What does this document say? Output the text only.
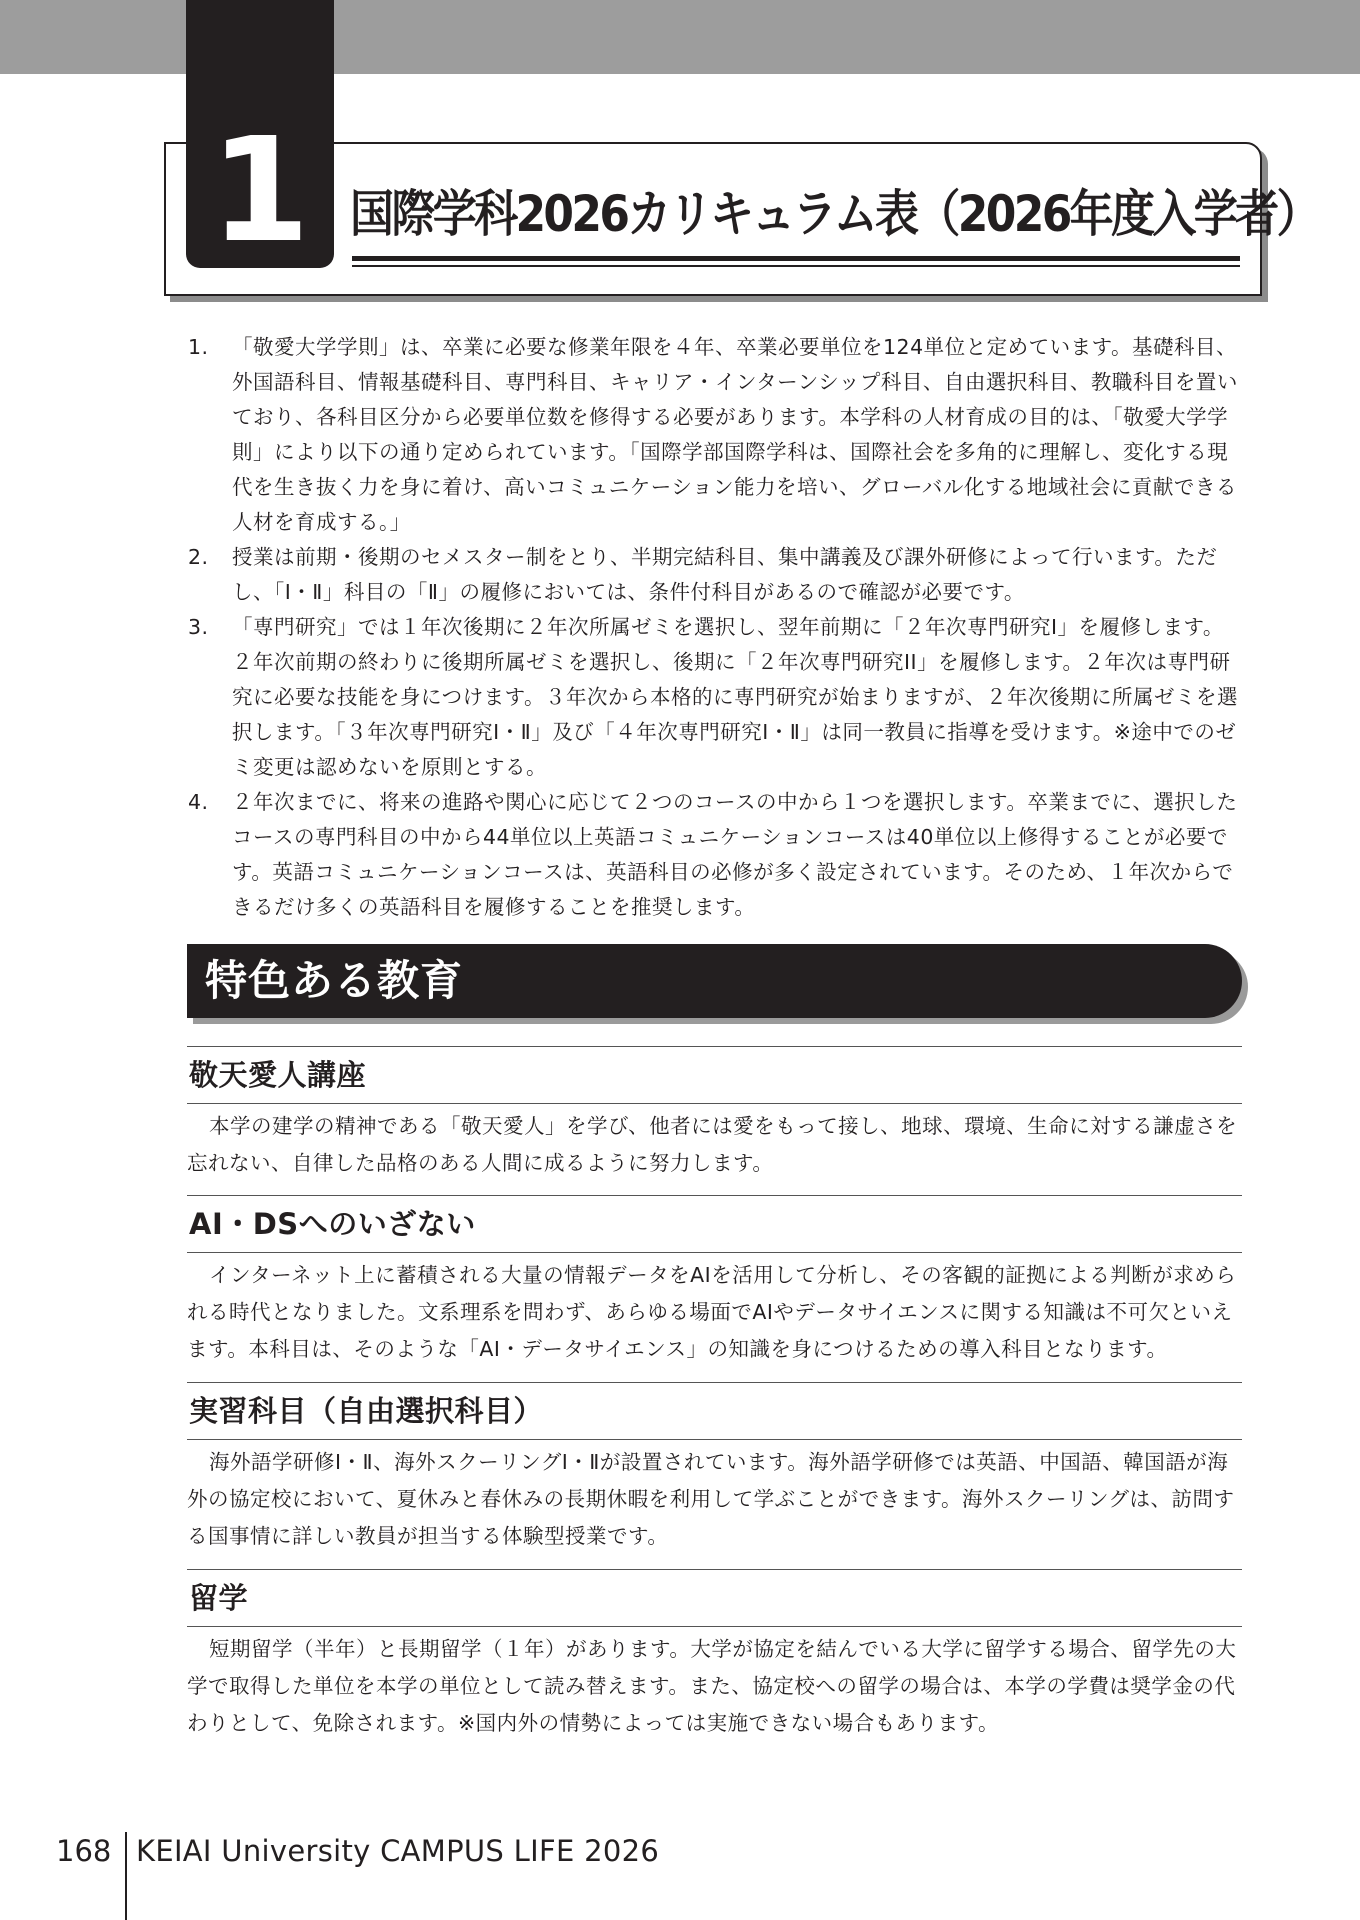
1 国際学科2026カリキュラム表（2026年度入学者）
1. 「敬愛大学学則」は、卒業に必要な修業年限を４年、卒業必要単位を124単位と定めています。基礎科目、外国語科目、情報基礎科目、専門科目、キャリア・インターンシップ科目、自由選択科目、教職科目を置いており、各科目区分から必要単位数を修得する必要があります。本学科の人材育成の目的は、「敬愛大学学則」により以下の通り定められています。「国際学部国際学科は、国際社会を多角的に理解し、変化する現代を生き抜く力を身に着け、高いコミュニケーション能力を培い、グローバル化する地域社会に貢献できる人材を育成する。」
2. 授業は前期・後期のセメスター制をとり、半期完結科目、集中講義及び課外研修によって行います。ただし、「Ⅰ・Ⅱ」科目の「Ⅱ」の履修においては、条件付科目があるので確認が必要です。
3. 「専門研究」では１年次後期に２年次所属ゼミを選択し、翌年前期に「２年次専門研究Ⅰ」を履修します。２年次前期の終わりに後期所属ゼミを選択し、後期に「２年次専門研究II」を履修します。２年次は専門研究に必要な技能を身につけます。３年次から本格的に専門研究が始まりますが、２年次後期に所属ゼミを選択します。「３年次専門研究Ⅰ・Ⅱ」及び「４年次専門研究Ⅰ・Ⅱ」は同一教員に指導を受けます。※途中でのゼミ変更は認めないを原則とする。
4. ２年次までに、将来の進路や関心に応じて２つのコースの中から１つを選択します。卒業までに、選択したコースの専門科目の中から44単位以上英語コミュニケーションコースは40単位以上修得することが必要です。英語コミュニケーションコースは、英語科目の必修が多く設定されています。そのため、１年次からできるだけ多くの英語科目を履修することを推奨します。
特色ある教育
敬天愛人講座
本学の建学の精神である「敬天愛人」を学び、他者には愛をもって接し、地球、環境、生命に対する謙虚さを忘れない、自律した品格のある人間に成るように努力します。
AI・DSへのいざない
インターネット上に蓄積される大量の情報データをAIを活用して分析し、その客観的証拠による判断が求められる時代となりました。文系理系を問わず、あらゆる場面でAIやデータサイエンスに関する知識は不可欠といえます。本科目は、そのような「AI・データサイエンス」の知識を身につけるための導入科目となります。
実習科目（自由選択科目）
海外語学研修Ⅰ・Ⅱ、海外スクーリングⅠ・Ⅱが設置されています。海外語学研修では英語、中国語、韓国語が海外の協定校において、夏休みと春休みの長期休暇を利用して学ぶことができます。海外スクーリングは、訪問する国事情に詳しい教員が担当する体験型授業です。
留学
短期留学（半年）と長期留学（１年）があります。大学が協定を結んでいる大学に留学する場合、留学先の大学で取得した単位を本学の単位として読み替えます。また、協定校への留学の場合は、本学の学費は奨学金の代わりとして、免除されます。※国内外の情勢によっては実施できない場合もあります。
168 KEIAI University CAMPUS LIFE 2026
